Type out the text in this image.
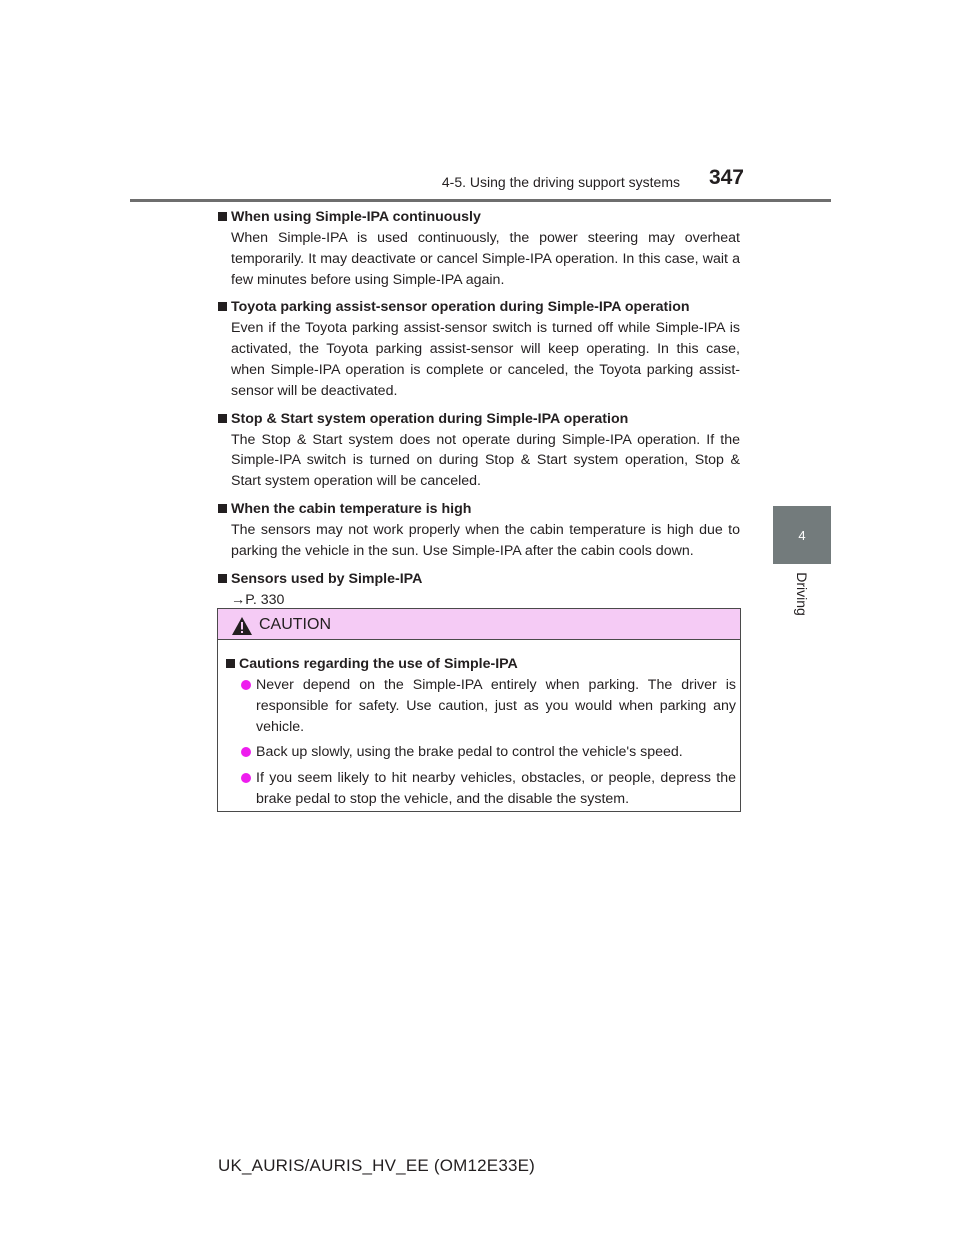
4-5. Using the driving support systems	347
4
Driving
When using Simple-IPA continuously
When Simple-IPA is used continuously, the power steering may overheat temporarily. It may deactivate or cancel Simple-IPA operation. In this case, wait a few minutes before using Simple-IPA again.
Toyota parking assist-sensor operation during Simple-IPA operation
Even if the Toyota parking assist-sensor switch is turned off while Simple-IPA is activated, the Toyota parking assist-sensor will keep operating. In this case, when Simple-IPA operation is complete or canceled, the Toyota parking assist-sensor will be deactivated.
Stop & Start system operation during Simple-IPA operation
The Stop & Start system does not operate during Simple-IPA operation. If the Simple-IPA switch is turned on during Stop & Start system operation, Stop & Start system operation will be canceled.
When the cabin temperature is high
The sensors may not work properly when the cabin temperature is high due to parking the vehicle in the sun. Use Simple-IPA after the cabin cools down.
Sensors used by Simple-IPA
→P. 330
CAUTION
Cautions regarding the use of Simple-IPA
Never depend on the Simple-IPA entirely when parking. The driver is responsible for safety. Use caution, just as you would when parking any vehicle.
Back up slowly, using the brake pedal to control the vehicle's speed.
If you seem likely to hit nearby vehicles, obstacles, or people, depress the brake pedal to stop the vehicle, and the disable the system.
UK_AURIS/AURIS_HV_EE (OM12E33E)
